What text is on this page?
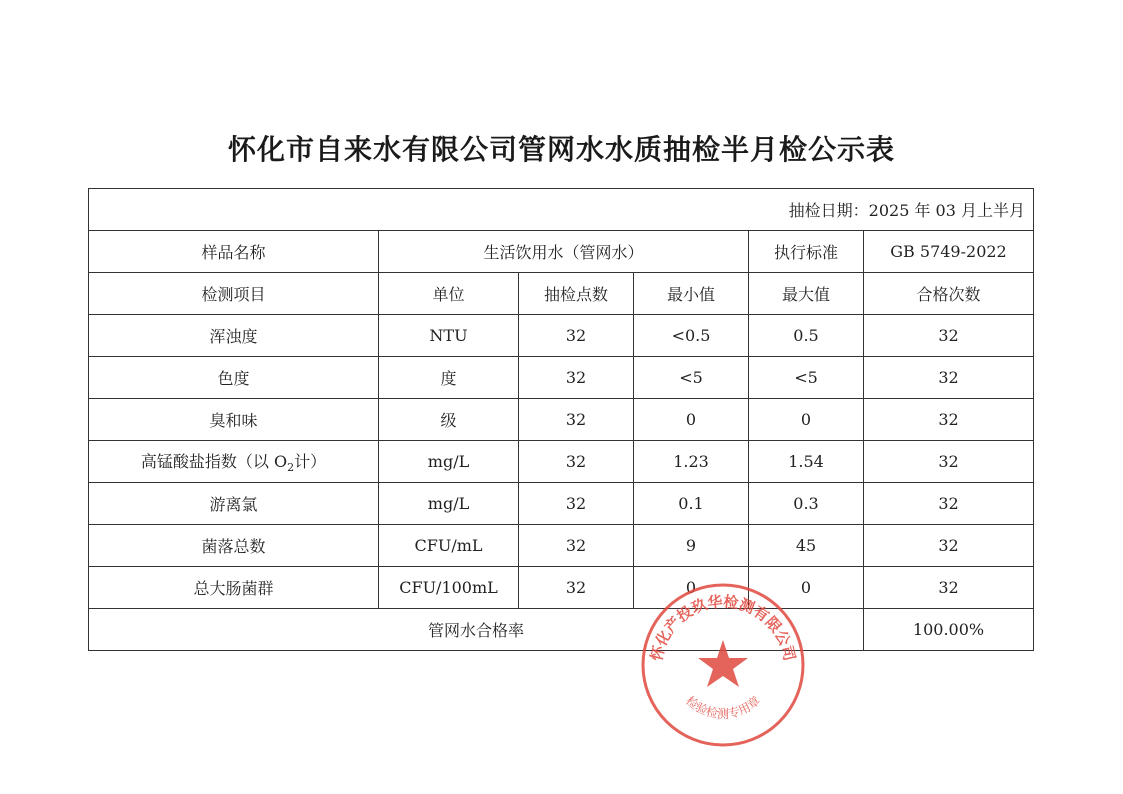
怀化市自来水有限公司管网水水质抽检半月检公示表
抽检日期：2025 年 03 月上半月					
样品名称	生活饮用水（管网水）			执行标准	GB 5749-2022
检测项目	单位	抽检点数	最小值	最大值	合格次数
浑浊度	NTU	32	<0.5	0.5	32
色度	度	32	<5	<5	32
臭和味	级	32	0	0	32
高锰酸盐指数（以 $O_2$计）	mg/L	32	1.23	1.54	32
游离氯	mg/L	32	0.1	0.3	32
菌落总数	CFU/mL	32	9	45	32
总大肠菌群	CFU/100mL	32	0	0	32
管网水合格率					100.00%
怀化产投玖华检测有限公司
检验检测专用章
